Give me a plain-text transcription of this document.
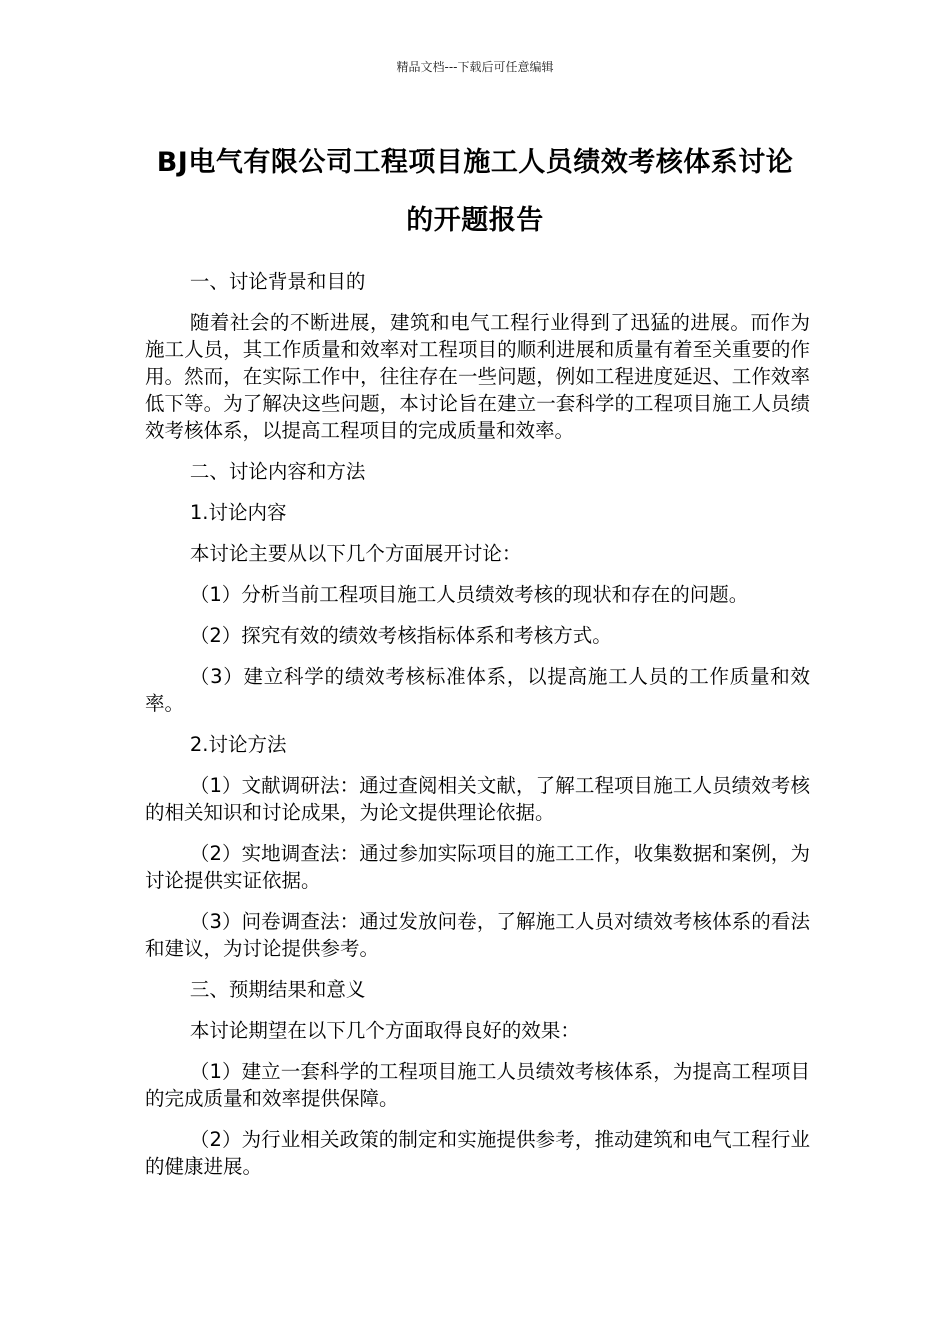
精品文档---下载后可任意编辑
BJ电气有限公司工程项目施工人员绩效考核体系讨论的开题报告

一、讨论背景和目的

随着社会的不断进展，建筑和电气工程行业得到了迅猛的进展。而作为施工人员，其工作质量和效率对工程项目的顺利进展和质量有着至关重要的作用。然而，在实际工作中，往往存在一些问题，例如工程进度延迟、工作效率低下等。为了解决这些问题，本讨论旨在建立一套科学的工程项目施工人员绩效考核体系，以提高工程项目的完成质量和效率。

二、讨论内容和方法

1.讨论内容

本讨论主要从以下几个方面展开讨论：

（1）分析当前工程项目施工人员绩效考核的现状和存在的问题。

（2）探究有效的绩效考核指标体系和考核方式。

（3）建立科学的绩效考核标准体系，以提高施工人员的工作质量和效率。

2.讨论方法

（1）文献调研法：通过查阅相关文献，了解工程项目施工人员绩效考核的相关知识和讨论成果，为论文提供理论依据。

（2）实地调查法：通过参加实际项目的施工工作，收集数据和案例，为讨论提供实证依据。

（3）问卷调查法：通过发放问卷，了解施工人员对绩效考核体系的看法和建议，为讨论提供参考。

三、预期结果和意义

本讨论期望在以下几个方面取得良好的效果：

（1）建立一套科学的工程项目施工人员绩效考核体系，为提高工程项目的完成质量和效率提供保障。

（2）为行业相关政策的制定和实施提供参考，推动建筑和电气工程行业的健康进展。
